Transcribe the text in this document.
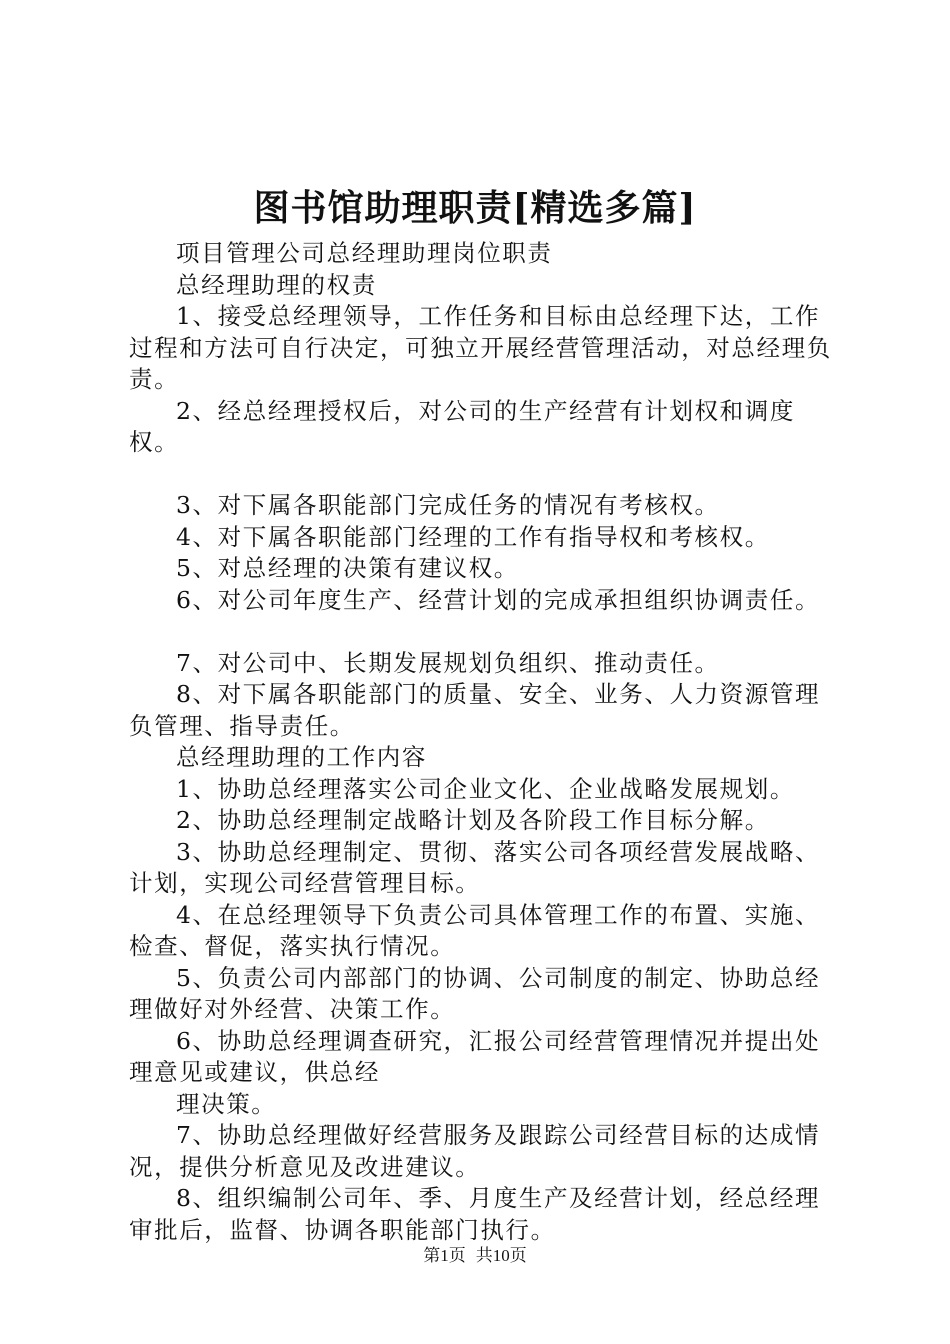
图书馆助理职责[精选多篇]

项目管理公司总经理助理岗位职责

总经理助理的权责

1、接受总经理领导，工作任务和目标由总经理下达，工作过程和方法可自行决定，可独立开展经营管理活动，对总经理负责。

2、经总经理授权后，对公司的生产经营有计划权和调度权。

3、对下属各职能部门完成任务的情况有考核权。

4、对下属各职能部门经理的工作有指导权和考核权。

5、对总经理的决策有建议权。

6、对公司年度生产、经营计划的完成承担组织协调责任。

7、对公司中、长期发展规划负组织、推动责任。

8、对下属各职能部门的质量、安全、业务、人力资源管理负管理、指导责任。

总经理助理的工作内容

1、协助总经理落实公司企业文化、企业战略发展规划。

2、协助总经理制定战略计划及各阶段工作目标分解。

3、协助总经理制定、贯彻、落实公司各项经营发展战略、计划，实现公司经营管理目标。

4、在总经理领导下负责公司具体管理工作的布置、实施、检查、督促，落实执行情况。

5、负责公司内部部门的协调、公司制度的制定、协助总经理做好对外经营、决策工作。

6、协助总经理调查研究，汇报公司经营管理情况并提出处理意见或建议，供总经

理决策。

7、协助总经理做好经营服务及跟踪公司经营目标的达成情况，提供分析意见及改进建议。

8、组织编制公司年、季、月度生产及经营计划，经总经理审批后，监督、协调各职能部门执行。

第1页 共10页
